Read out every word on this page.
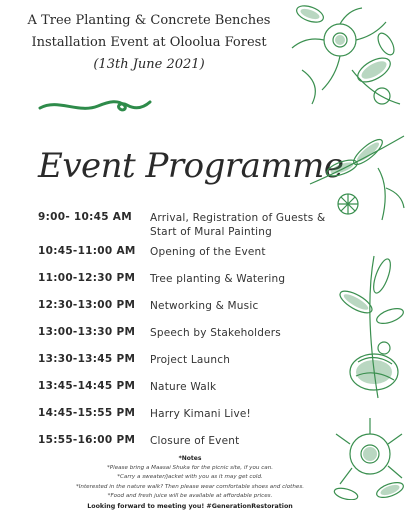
A Tree Planting & Concrete Benches
Installation Event at Oloolua Forest
(13th June 2021)
Event Programme
9:00- 10:45 AM Arrival, Registration of Guests & Start of Mural Painting
10:45-11:00 AM Opening of the Event
11:00-12:30 PM Tree planting & Watering
12:30-13:00 PM Networking & Music
13:00-13:30 PM Speech by Stakeholders
13:30-13:45 PM Project Launch
13:45-14:45 PM Nature Walk
14:45-15:55 PM Harry Kimani Live!
15:55-16:00 PM Closure of Event
*Notes
*Please bring a Maasai Shuka for the picnic site, if you can.
*Carry a sweater/jacket with you as it may get cold.
*Interested in the nature walk? Then please wear comfortable shoes and clothes.
*Food and fresh juice will be available at affordable prices.
Looking forward to meeting you! #GenerationRestoration
